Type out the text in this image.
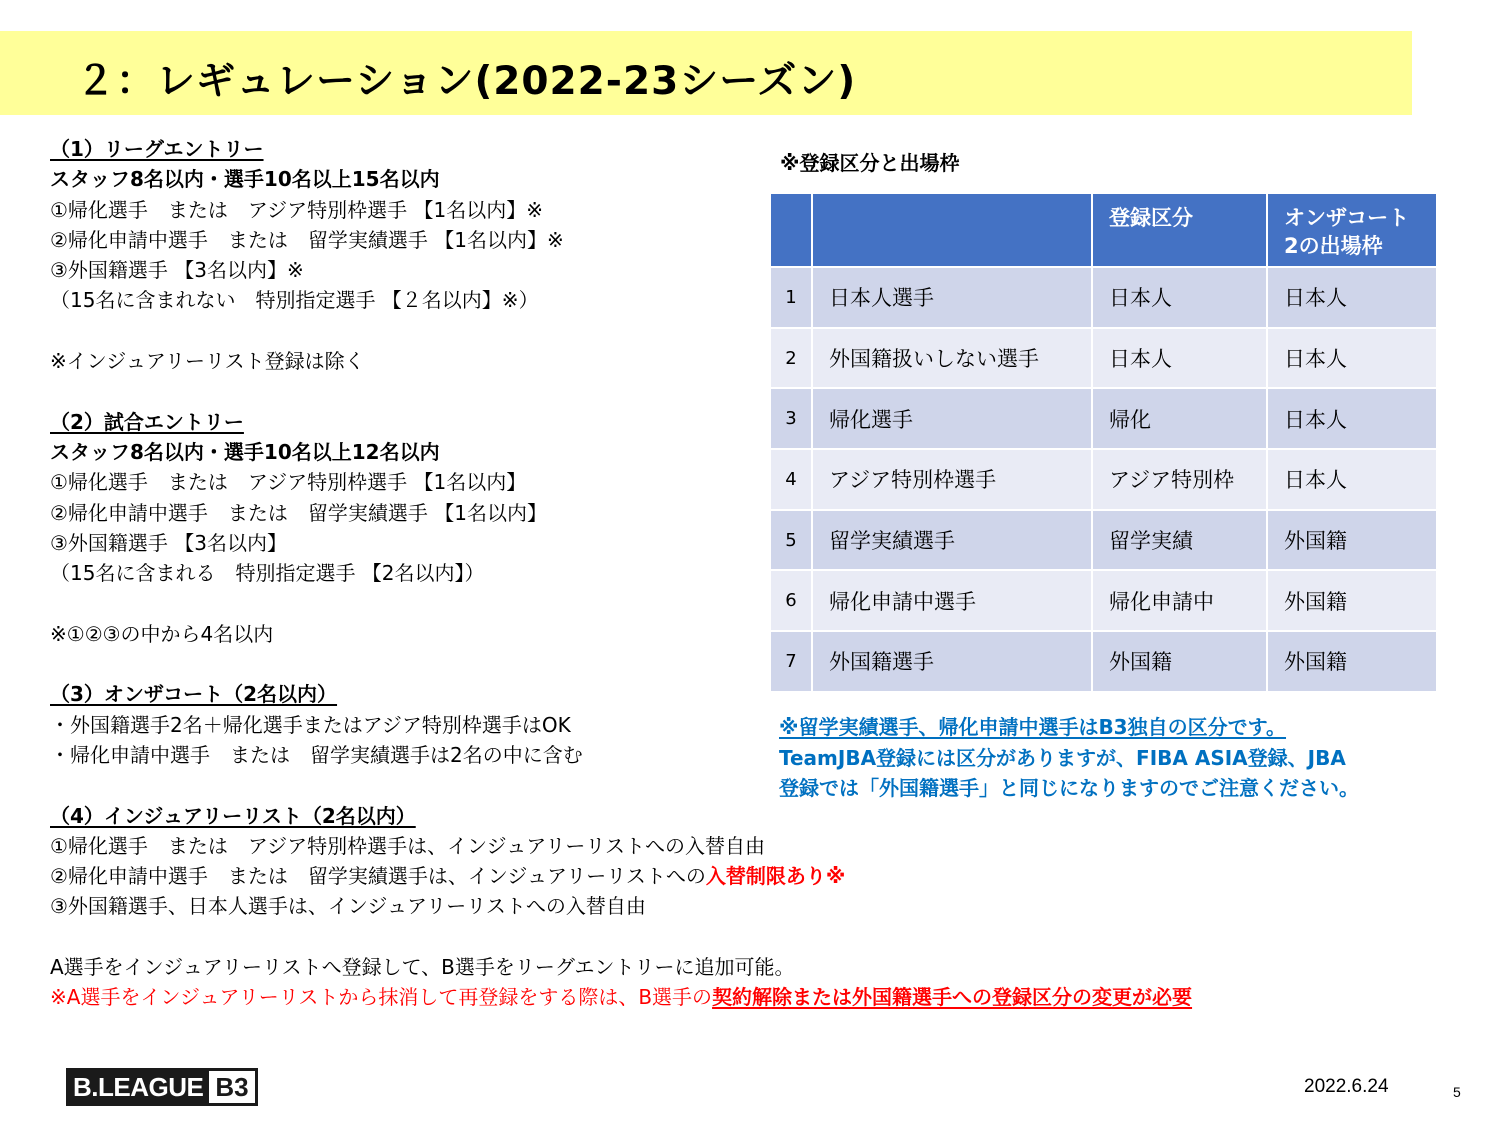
２：レギュレーション(2022-23シーズン)
（1）リーグエントリー
スタッフ8名以内・選手10名以上15名以内
①帰化選手　または　アジア特別枠選手 【1名以内】※
②帰化申請中選手　または　留学実績選手 【1名以内】※
③外国籍選手 【3名以内】※
（15名に含まれない　特別指定選手 【２名以内】※）
※インジュアリーリスト登録は除く
（2）試合エントリー
スタッフ8名以内・選手10名以上12名以内
①帰化選手　または　アジア特別枠選手 【1名以内】
②帰化申請中選手　または　留学実績選手 【1名以内】
③外国籍選手 【3名以内】
（15名に含まれる　特別指定選手 【2名以内】）
※①②③の中から4名以内
（3）オンザコート（2名以内）
・外国籍選手2名＋帰化選手またはアジア特別枠選手はOK
・帰化申請中選手　または　留学実績選手は2名の中に含む
（4）インジュアリーリスト（2名以内）
①帰化選手　または　アジア特別枠選手は、インジュアリーリストへの入替自由
②帰化申請中選手　または　留学実績選手は、インジュアリーリストへの入替制限あり※
③外国籍選手、日本人選手は、インジュアリーリストへの入替自由
A選手をインジュアリーリストへ登録して、B選手をリーグエントリーに追加可能。
※A選手をインジュアリーリストから抹消して再登録をする際は、B選手の契約解除または外国籍選手への登録区分の変更が必要
※登録区分と出場枠
		登録区分	オンザコート
2の出場枠
1	日本人選手	日本人	日本人
2	外国籍扱いしない選手	日本人	日本人
3	帰化選手	帰化	日本人
4	アジア特別枠選手	アジア特別枠	日本人
5	留学実績選手	留学実績	外国籍
6	帰化申請中選手	帰化申請中	外国籍
7	外国籍選手	外国籍	外国籍
※留学実績選手、帰化申請中選手はB3独自の区分です。
TeamJBA登録には区分がありますが、FIBA ASIA登録、JBA
登録では「外国籍選手」と同じになりますのでご注意ください。
B.LEAGUE B3	2022.6.24	5
